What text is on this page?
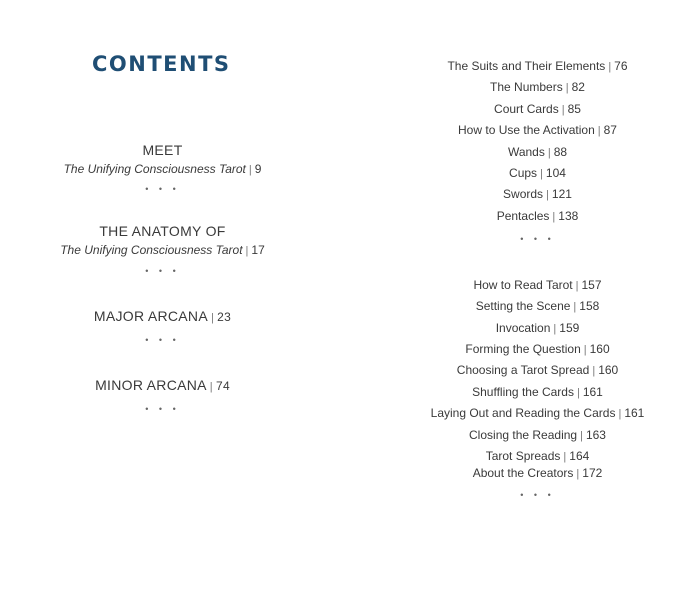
CONTENTS
MEET
The Unifying Consciousness Tarot | 9
• • •
THE ANATOMY OF
The Unifying Consciousness Tarot | 17
• • •
MAJOR ARCANA | 23
• • •
MINOR ARCANA | 74
• • •
The Suits and Their Elements | 76
The Numbers | 82
Court Cards | 85
How to Use the Activation | 87
Wands | 88
Cups | 104
Swords | 121
Pentacles | 138
• • •
How to Read Tarot | 157
Setting the Scene | 158
Invocation | 159
Forming the Question | 160
Choosing a Tarot Spread | 160
Shuffling the Cards | 161
Laying Out and Reading the Cards | 161
Closing the Reading | 163
Tarot Spreads | 164
About the Creators | 172
• • •
